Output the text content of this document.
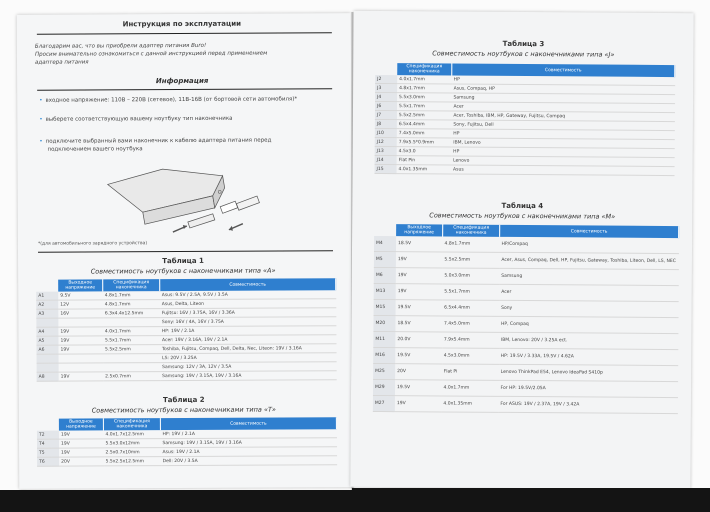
Инструкция по эксплуатации
Благодарим вас, что вы приобрели адаптер питания Buro!
Просим внимательно ознакомиться с данной инструкцией перед применением
адаптера питания
Информация
• входное напряжение: 110В – 220В (сетевое), 11В-16В (от бортовой сети автомобиля)*
• выберете соответствующую вашему ноутбуку тип наконечника
• подключите выбранный вами наконечник к кабелю адаптера питания перед
подключением вашего ноутбука
*(для автомобильного зарядного устройства)
Таблица 1
Совместимость ноутбуков с наконечниками типа «А»
	Выходное напряжение	Спецификация наконечника	Совместимость
A1	9.5V	4.8x1.7mm	Asus: 9.5V / 2.5A, 9.5V / 3.5A
A2	12V	4.8x1.7mm	Asus, Delta, Liteon
A3	16V	6.3x4.4x12.5mm	Fujitsu: 16V / 3.75A, 16V / 3.36A
			Sony: 16V / 4A, 16V / 3.75A
A4	19V	4.0x1.7mm	HP: 19V / 2.1A
A5	19V	5.5x1.7mm	Acer: 19V / 3.16A, 19V / 2.1A
A6	19V	5.5x2.5mm	Toshiba, Fujitsu, Compaq, Dell, Delta, Nec, Liteon: 19V / 3.16A
			LS: 20V / 3.25A
			Samsung: 12V / 3A, 12V / 3.5A
A8	19V	2.5x0.7mm	Samsung: 19V / 3.15A, 19V / 3.16A
Таблица 2
Совместимость ноутбуков с наконечниками типа «Т»
	Выходное напряжение	Спецификация наконечника	Совместимость
T2	19V	4.0x1.7x12.5mm	HP: 19V / 2.1A
T4	19V	5.5x3.0x12mm	Samsung: 19V / 3.15A, 19V / 3.16A
T5	19V	2.5x0.7x10mm	Asus: 19V / 2.1A
T6	20V	5.5x2.5x12.5mm	Dell: 20V / 3.5A
Таблица 3
Совместимость ноутбуков с наконечниками типа «J»
	Спецификация наконечника	Совместимость
J2	4.0x1.7mm	HP
J3	4.8x1.7mm	Asus, Compaq, HP
J4	5.5x3.0mm	Samsung
J6	5.5x1.7mm	Acer
J7	5.5x2.5mm	Acer, Toshiba, IBM, HP, Gateway, Fujitsu, Compaq
J8	6.5x4.4mm	Sony, Fujitsu, Dell
J10	7.4x5.0mm	HP
J12	7.9x5.5*0.9mm	IBM, Lenovo
J13	4.5x3.0	HP
J14	Flat Pin	Lenovo
J15	4.0x1.35mm	Asus
Таблица 4
Совместимость ноутбуков с наконечниками типа «М»
	Выходное напряжение	Спецификация наконечника	Совместимость
M4	18.5V	4.8x1.7mm	HP/Compaq
M5	19V	5.5x2.5mm	Acer, Asus, Compaq, Dell, HP, Fujitsu, Gateway, Toshiba, Liteon, Dell, LS, NEC
M6	19V	5.0x3.0mm	Samsung
M13	19V	5.5x1.7mm	Acer
M15	19.5V	6.5x4.4mm	Sony
M20	18.5V	7.4x5.0mm	HP, Compaq
M11	20.0V	7.9x5.4mm	IBM, Lenovo: 20V / 3.25A ect.
M16	19.5V	4.5x3.0mm	HP: 19.5V / 3.33A, 19.5V / 4.62A
M25	20V	Flat Pi	Lenovo ThinkPad E54, Lenovo IdeaPad S410p
M29	19.5V	4.0x1.7mm	For HP: 19.5V/2.05A
M27	19V	4.0x1.35mm	For ASUS: 19V / 2.37A, 19V / 3.42A
